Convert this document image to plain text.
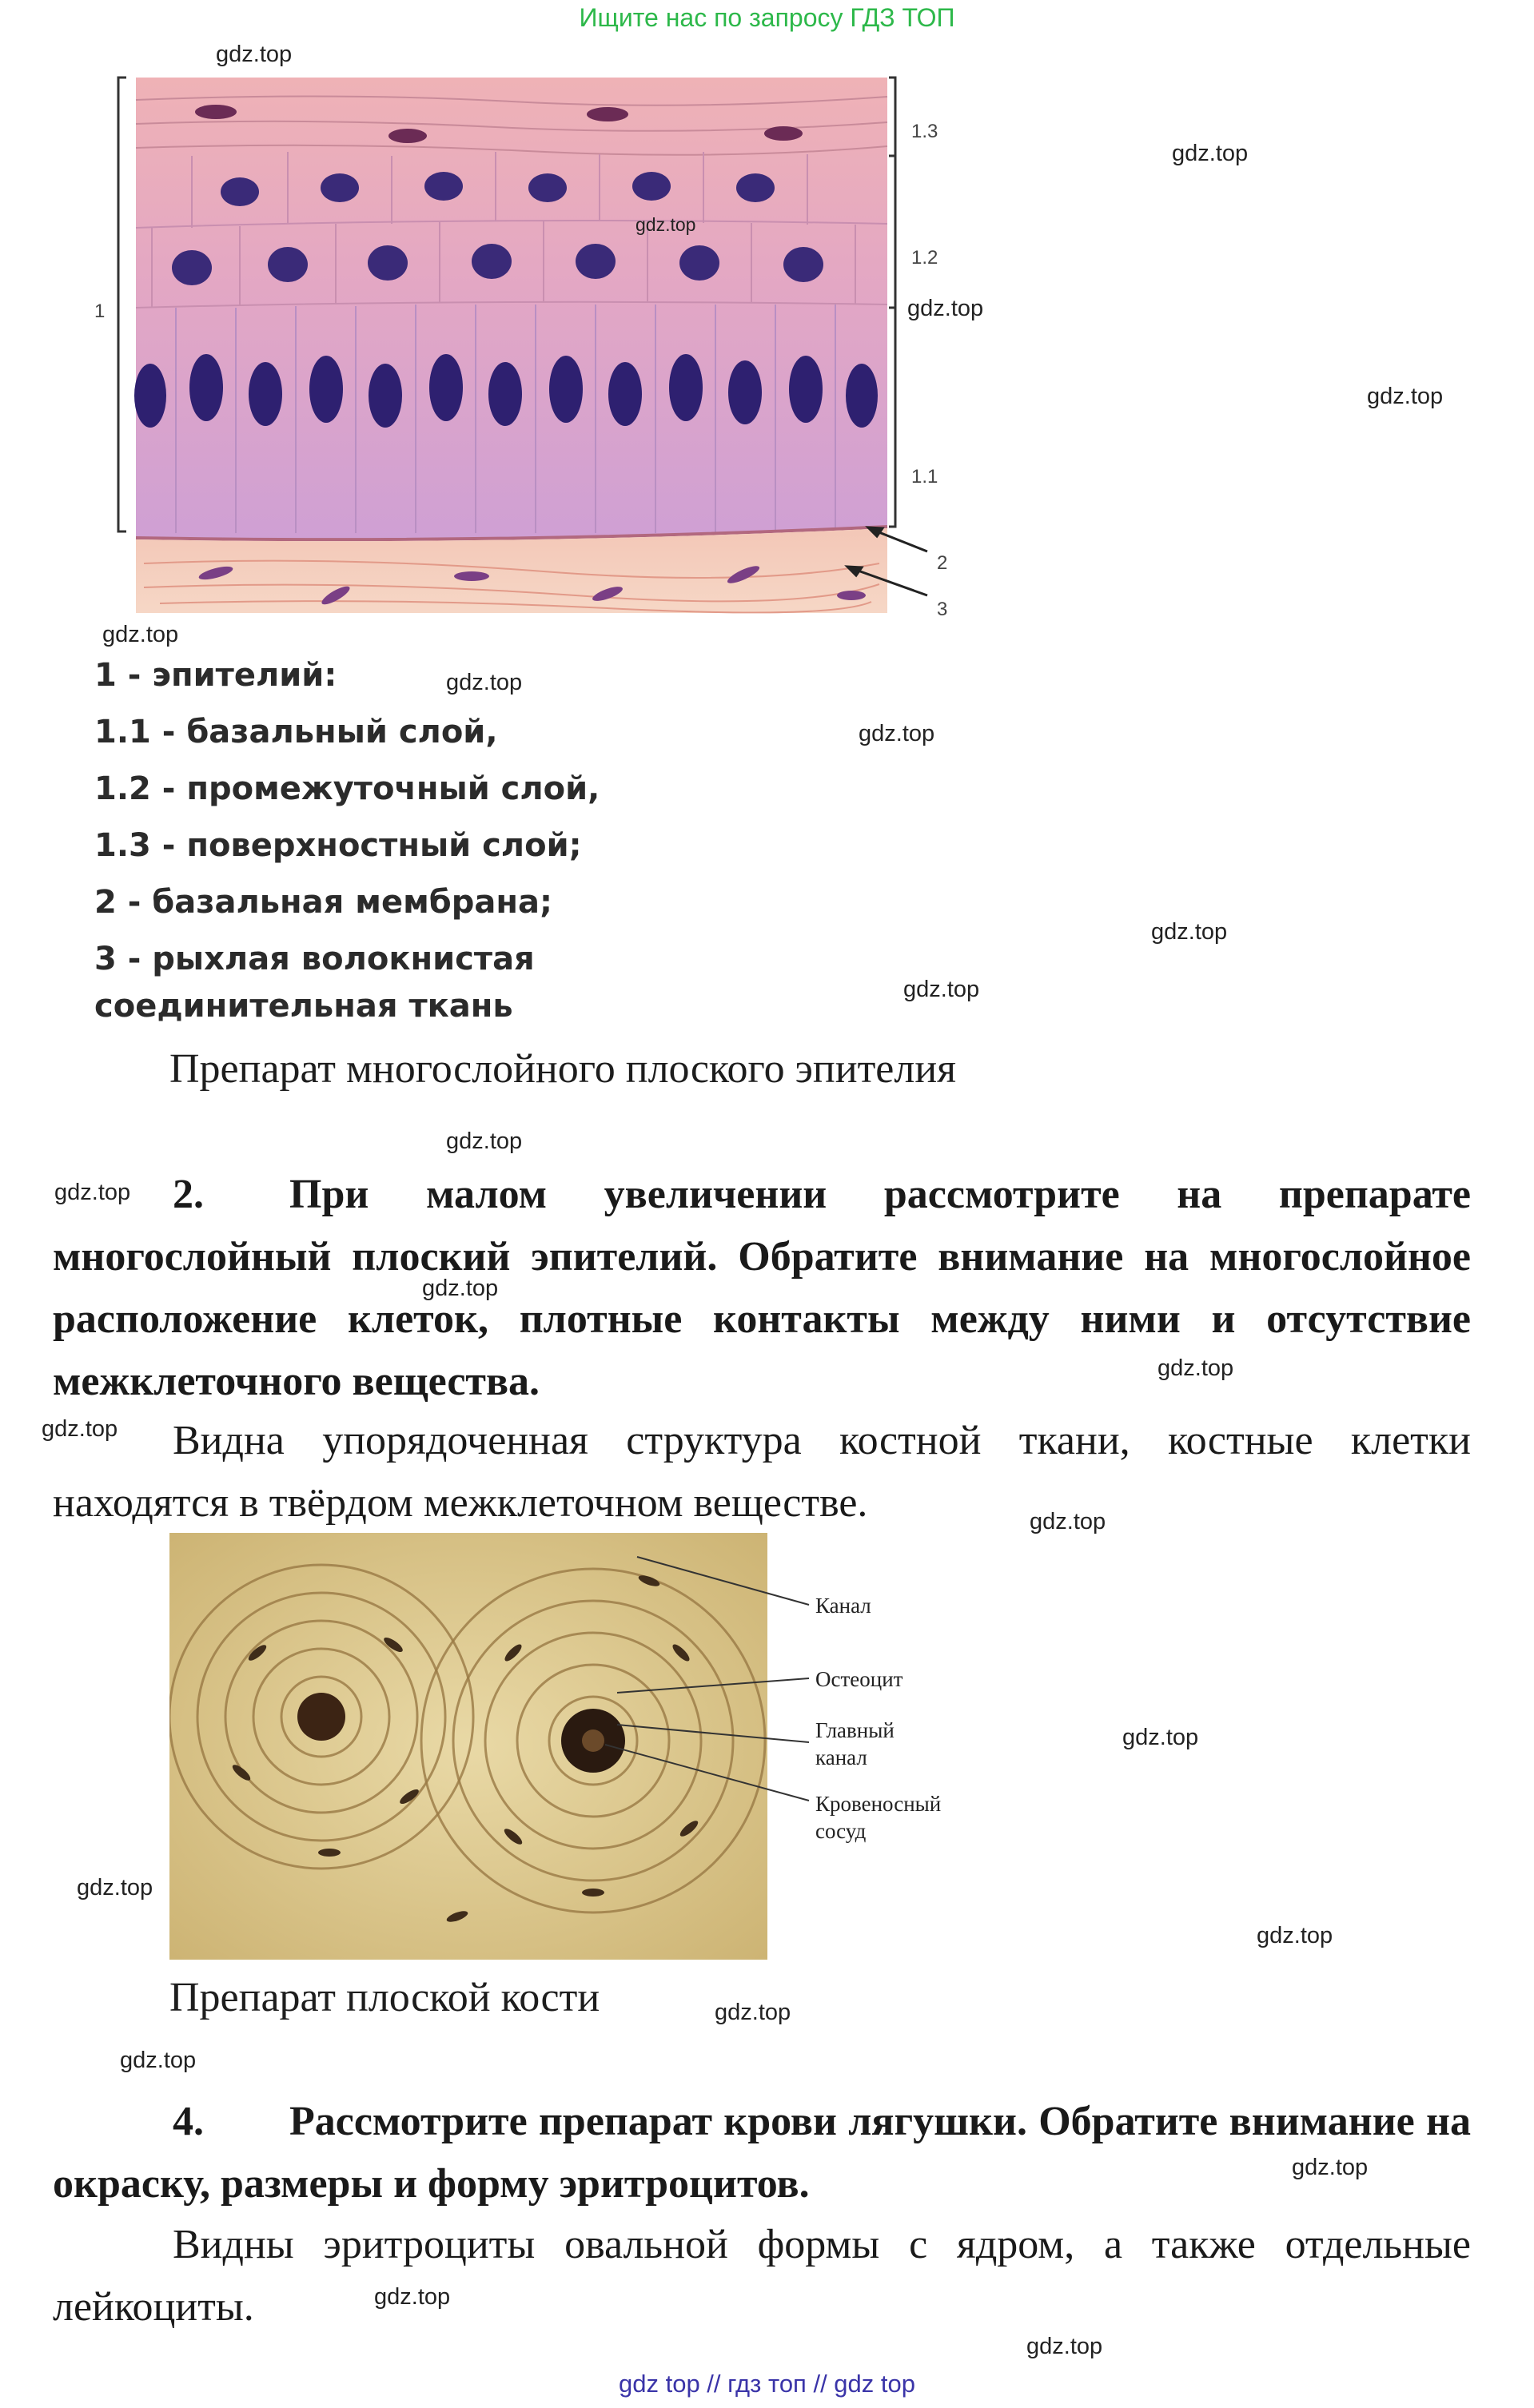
Ищите нас по запросу ГДЗ ТОП
1
1.3
1.2
1.1
2
3
1 - эпителий:
1.1 - базальный слой,
1.2 - промежуточный слой,
1.3 - поверхностный слой;
2 - базальная мембрана;
3 - рыхлая волокнистая
соединительная ткань
Препарат многослойного плоского эпителия
2. При малом увеличении рассмотрите на препарате многослойный плоский эпителий. Обратите внимание на многослойное расположение клеток, плотные контакты между ними и отсутствие межклеточного вещества.
Видна упорядоченная структура костной ткани, костные клетки находятся в твёрдом межклеточном веществе.
Канал
Остеоцит
Главный
канал
Кровеносный
сосуд
Препарат плоской кости
4. Рассмотрите препарат крови лягушки. Обратите внимание на окраску, размеры и форму эритроцитов.
Видны эритроциты овальной формы с ядром, а также отдельные лейкоциты.
gdz.top
gdz.top
gdz.top
gdz.top
gdz.top
gdz.top
gdz.top
gdz.top
gdz.top
gdz.top
gdz.top
gdz.top
gdz.top
gdz.top
gdz.top
gdz.top
gdz.top
gdz.top
gdz.top
gdz.top
gdz.top
gdz.top
gdz.top
gdz.top
gdz top // гдз топ // gdz top
